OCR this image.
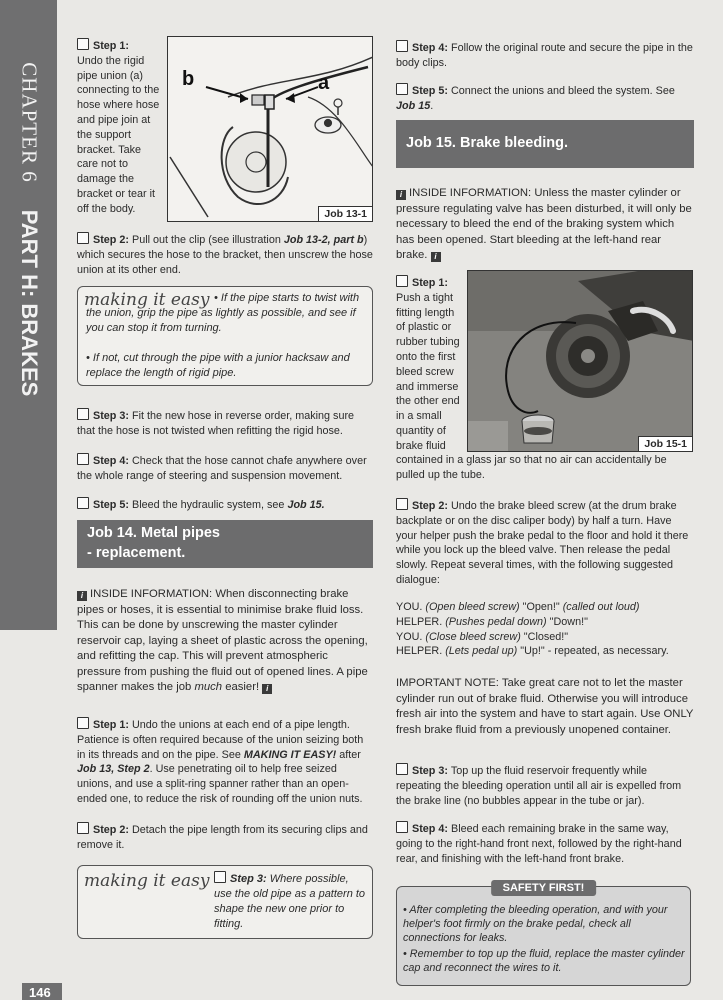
CHAPTER 6
PART H: BRAKES

Step 1:

Undo the rigid pipe union (a) connecting to the hose where hose and pipe join at the support bracket. Take care not to damage the bracket or tear it off the body.

b	a
Job 13-1

Step 2: Pull out the clip (see illustration Job 13-2, part b) which secures the hose to the bracket, then unscrew the hose union at its other end.

making it easy • If the pipe starts to twist with the union, grip the pipe as lightly as possible, and see if you can stop it from turning.
• If not, cut through the pipe with a junior hacksaw and replace the length of rigid pipe.

Step 3: Fit the new hose in reverse order, making sure that the hose is not twisted when refitting the rigid hose.

Step 4: Check that the hose cannot chafe anywhere over the whole range of steering and suspension movement.

Step 5: Bleed the hydraulic system, see Job 15.

Job 14. Metal pipes
- replacement.

i INSIDE INFORMATION: When disconnecting brake pipes or hoses, it is essential to minimise brake fluid loss. This can be done by unscrewing the master cylinder reservoir cap, laying a sheet of plastic across the opening, and refitting the cap. This will prevent atmospheric pressure from pushing the fluid out of opened lines. A pipe spanner makes the job much easier! i

Step 1: Undo the unions at each end of a pipe length. Patience is often required because of the union seizing both in its threads and on the pipe. See MAKING IT EASY! after Job 13, Step 2. Use penetrating oil to help free seized unions, and use a split-ring spanner rather than an open-ended one, to reduce the risk of rounding off the union nuts.

Step 2: Detach the pipe length from its securing clips and remove it.

making it easy	Step 3: Where possible, use the old pipe as a pattern to shape the new one prior to fitting.
146

Step 4: Follow the original route and secure the pipe in the body clips.

Step 5: Connect the unions and bleed the system. See Job 15.

Job 15. Brake bleeding.

i INSIDE INFORMATION: Unless the master cylinder or pressure regulating valve has been disturbed, it will only be necessary to bleed the end of the braking system which has been opened. Start bleeding at the left-hand rear brake. i

Step 1:

Push a tight fitting length of plastic or rubber tubing onto the first bleed screw and immerse the other end in a small quantity of brake fluid	Job 15-1

contained in a glass jar so that no air can accidentally be pulled up the tube.

Step 2: Undo the brake bleed screw (at the drum brake backplate or on the disc caliper body) by half a turn. Have your helper push the brake pedal to the floor and hold it there while you lock up the bleed valve. Then release the pedal slowly. Repeat several times, with the following suggested dialogue:

YOU. (Open bleed screw) "Open!" (called out loud)

HELPER. (Pushes pedal down) "Down!"

YOU. (Close bleed screw) "Closed!"

HELPER. (Lets pedal up) "Up!" - repeated, as necessary.

IMPORTANT NOTE: Take great care not to let the master cylinder run out of brake fluid. Otherwise you will introduce fresh air into the system and have to start again. Use ONLY fresh brake fluid from a previously unopened container.

Step 3: Top up the fluid reservoir frequently while repeating the bleeding operation until all air is expelled from the brake line (no bubbles appear in the tube or jar).

Step 4: Bleed each remaining brake in the same way, going to the right-hand front next, followed by the right-hand rear, and finishing with the left-hand front brake.

SAFETY FIRST!
• After completing the bleeding operation, and with your helper's foot firmly on the brake pedal, check all connections for leaks.
• Remember to top up the fluid, replace the master cylinder cap and reconnect the wires to it.
